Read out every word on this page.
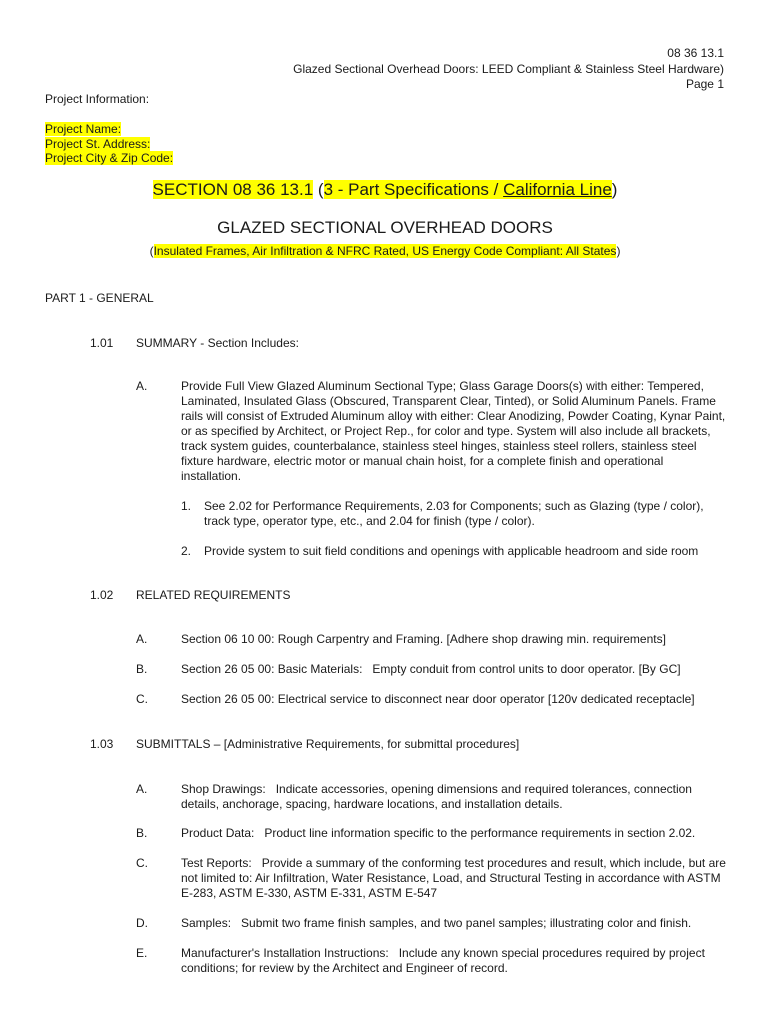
08 36 13.1
Glazed Sectional Overhead Doors: LEED Compliant & Stainless Steel Hardware)
Page 1
Project Information:
Project Name:
Project St. Address:
Project City & Zip Code:
SECTION 08 36 13.1 (3 - Part Specifications / California Line)
GLAZED SECTIONAL OVERHEAD DOORS
(Insulated Frames, Air Infiltration & NFRC Rated, US Energy Code Compliant: All States)
PART 1 - GENERAL
1.01 SUMMARY - Section Includes:
A.	Provide Full View Glazed Aluminum Sectional Type; Glass Garage Doors(s) with either: Tempered, Laminated, Insulated Glass (Obscured, Transparent Clear, Tinted), or Solid Aluminum Panels. Frame rails will consist of Extruded Aluminum alloy with either: Clear Anodizing, Powder Coating, Kynar Paint, or as specified by Architect, or Project Rep., for color and type. System will also include all brackets, track system guides, counterbalance, stainless steel hinges, stainless steel rollers, stainless steel fixture hardware, electric motor or manual chain hoist, for a complete finish and operational installation.
1. See 2.02 for Performance Requirements, 2.03 for Components; such as Glazing (type / color), track type, operator type, etc., and 2.04 for finish (type / color).
2. Provide system to suit field conditions and openings with applicable headroom and side room
1.02 RELATED REQUIREMENTS
A.	Section 06 10 00: Rough Carpentry and Framing. [Adhere shop drawing min. requirements]
B.	Section 26 05 00: Basic Materials:   Empty conduit from control units to door operator. [By GC]
C.	Section 26 05 00: Electrical service to disconnect near door operator [120v dedicated receptacle]
1.03 SUBMITTALS – [Administrative Requirements, for submittal procedures]
A.	Shop Drawings:   Indicate accessories, opening dimensions and required tolerances, connection details, anchorage, spacing, hardware locations, and installation details.
B.	Product Data:   Product line information specific to the performance requirements in section 2.02.
C.	Test Reports:   Provide a summary of the conforming test procedures and result, which include, but are not limited to: Air Infiltration, Water Resistance, Load, and Structural Testing in accordance with ASTM E-283, ASTM E-330, ASTM E-331, ASTM E-547
D.	Samples:   Submit two frame finish samples, and two panel samples; illustrating color and finish.
E.	Manufacturer's Installation Instructions:   Include any known special procedures required by project conditions; for review by the Architect and Engineer of record.
